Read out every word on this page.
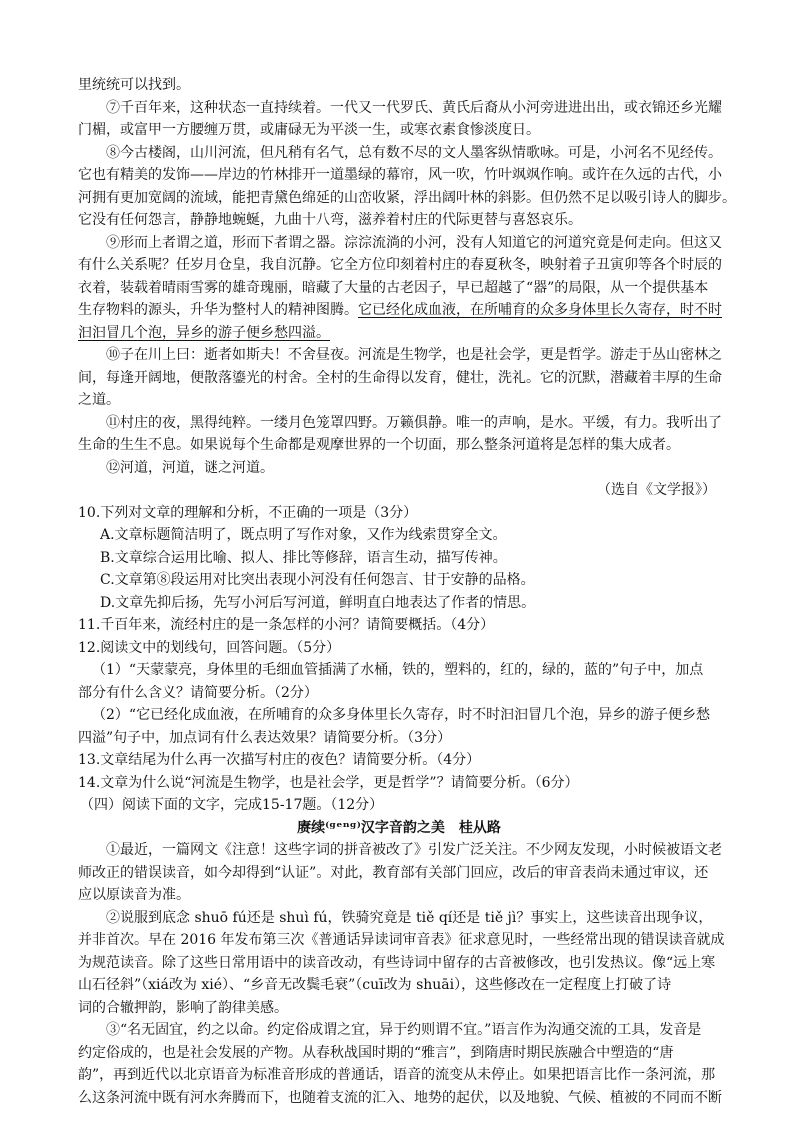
里统统可以找到。
⑦千百年来，这种状态一直持续着。一代又一代罗氏、黄氏后裔从小河旁进进出出，或衣锦还乡光耀
门楣，或富甲一方腰缠万贯，或庸碌无为平淡一生，或寒衣素食惨淡度日。
⑧今古楼阁，山川河流，但凡稍有名气，总有数不尽的文人墨客纵情歌咏。可是，小河名不见经传。
它也有精美的发饰——岸边的竹林排开一道墨绿的幕帘，风一吹，竹叶飒飒作响。或许在久远的古代，小
河拥有更加宽阔的流域，能把青黛色绵延的山峦收紧，浮出阔叶林的斜影。但仍然不足以吸引诗人的脚步。
它没有任何怨言，静静地蜿蜒，九曲十八弯，滋养着村庄的代际更替与喜怒哀乐。
⑨形而上者谓之道，形而下者谓之器。淙淙流淌的小河，没有人知道它的河道究竟是何走向。但这又
有什么关系呢？任岁月仓皇，我自沉静。它全方位印刻着村庄的春夏秋冬，映射着子丑寅卯等各个时辰的
衣着，装载着晴雨雪雾的雄奇瑰丽，暗藏了大量的古老因子，早已超越了“器”的局限，从一个提供基本
生存物料的源头，升华为整村人的精神图腾。它已经化成血液，在所哺育的众多身体里长久寄存，时不时
汩汩冒几个泡，异乡的游子便乡愁四溢。
⑩子在川上曰：逝者如斯夫！不舍昼夜。河流是生物学，也是社会学，更是哲学。游走于丛山密林之
间，每逢开阔地，便散落鎏光的村舍。全村的生命得以发育，健壮，洗礼。它的沉默，潜藏着丰厚的生命
之道。
⑪村庄的夜，黑得纯粹。一缕月色笼罩四野。万籁俱静。唯一的声响，是水。平缓，有力。我听出了
生命的生生不息。如果说每个生命都是观摩世界的一个切面，那么整条河道将是怎样的集大成者。
⑫河道，河道，谜之河道。
（选自《文学报》）
10.下列对文章的理解和分析，不正确的一项是（3分）
A.文章标题简洁明了，既点明了写作对象，又作为线索贯穿全文。
B.文章综合运用比喻、拟人、排比等修辞，语言生动，描写传神。
C.文章第⑧段运用对比突出表现小河没有任何怨言、甘于安静的品格。
D.文章先抑后扬，先写小河后写河道，鲜明直白地表达了作者的情思。
11.千百年来，流经村庄的是一条怎样的小河？请简要概括。（4分）
12.阅读文中的划线句，回答问题。（5分）
（1）“天蒙蒙亮，身体里的毛细血管插满了水桶，铁的，塑料的，红的，绿的，蓝的”句子中，加点
部分有什么含义？请简要分析。（2分）
（2）“它已经化成血液，在所哺育的众多身体里长久寄存，时不时汩汩冒几个泡，异乡的游子便乡愁
四溢”句子中，加点词有什么表达效果？请简要分析。（3分）
13.文章结尾为什么再一次描写村庄的夜色？请简要分析。（4分）
14.文章为什么说“河流是生物学，也是社会学，更是哲学”？请简要分析。（6分）
（四）阅读下面的文字，完成15-17题。（12分）
赓续⁽ᵍᵉⁿᵍ⁾汉字音韵之美　桂从路
①最近，一篇网文《注意！这些字词的拼音被改了》引发广泛关注。不少网友发现，小时候被语文老
师改正的错误读音，如今却得到“认证”。对此，教育部有关部门回应，改后的审音表尚未通过审议，还
应以原读音为准。
②说服到底念 shuō fú还是 shuì fú，铁骑究竟是 tiě qí还是 tiě jì？事实上，这些读音出现争议，
并非首次。早在 2016 年发布第三次《普通话异读词审音表》征求意见时，一些经常出现的错误读音就成
为规范读音。除了这些日常用语中的读音改动，有些诗词中留存的古音被修改，也引发热议。像“远上寒
山石径斜”（xiá改为 xié）、“乡音无改鬓毛衰”（cuī改为 shuāi），这些修改在一定程度上打破了诗
词的合辙押韵，影响了韵律美感。
③“名无固宜，约之以命。约定俗成谓之宜，异于约则谓不宜。”语言作为沟通交流的工具，发音是
约定俗成的，也是社会发展的产物。从春秋战国时期的“雅言”，到隋唐时期民族融合中塑造的“唐
韵”，再到近代以北京语音为标准音形成的普通话，语音的流变从未停止。如果把语言比作一条河流，那
么这条河流中既有河水奔腾而下，也随着支流的汇入、地势的起伏，以及地貌、气候、植被的不同而不断
